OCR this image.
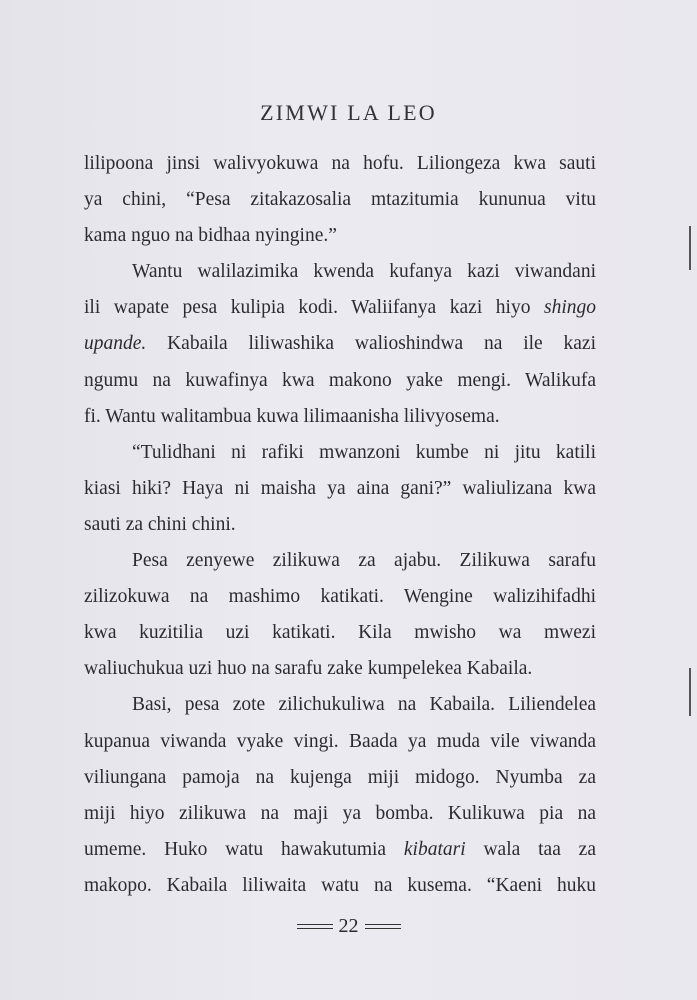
ZIMWI LA LEO
lilipoona jinsi walivyokuwa na hofu. Liliongeza kwa sauti
ya chini, “Pesa zitakazosalia mtazitumia kununua vitu
kama nguo na bidhaa nyingine.”
Wantu walilazimika kwenda kufanya kazi viwandani
ili wapate pesa kulipia kodi. Waliifanya kazi hiyo shingo
upande. Kabaila liliwashika walioshindwa na ile kazi
ngumu na kuwafinya kwa makono yake mengi. Walikufa
fi. Wantu walitambua kuwa lilimaanisha lilivyosema.
“Tulidhani ni rafiki mwanzoni kumbe ni jitu katili
kiasi hiki? Haya ni maisha ya aina gani?” waliulizana kwa
sauti za chini chini.
Pesa zenyewe zilikuwa za ajabu. Zilikuwa sarafu
zilizokuwa na mashimo katikati. Wengine walizihifadhi
kwa kuzitilia uzi katikati. Kila mwisho wa mwezi
waliuchukua uzi huo na sarafu zake kumpelekea Kabaila.
Basi, pesa zote zilichukuliwa na Kabaila. Liliendelea
kupanua viwanda vyake vingi. Baada ya muda vile viwanda
viliungana pamoja na kujenga miji midogo. Nyumba za
miji hiyo zilikuwa na maji ya bomba. Kulikuwa pia na
umeme. Huko watu hawakutumia kibatari wala taa za
makopo. Kabaila liliwaita watu na kusema. “Kaeni huku
22
